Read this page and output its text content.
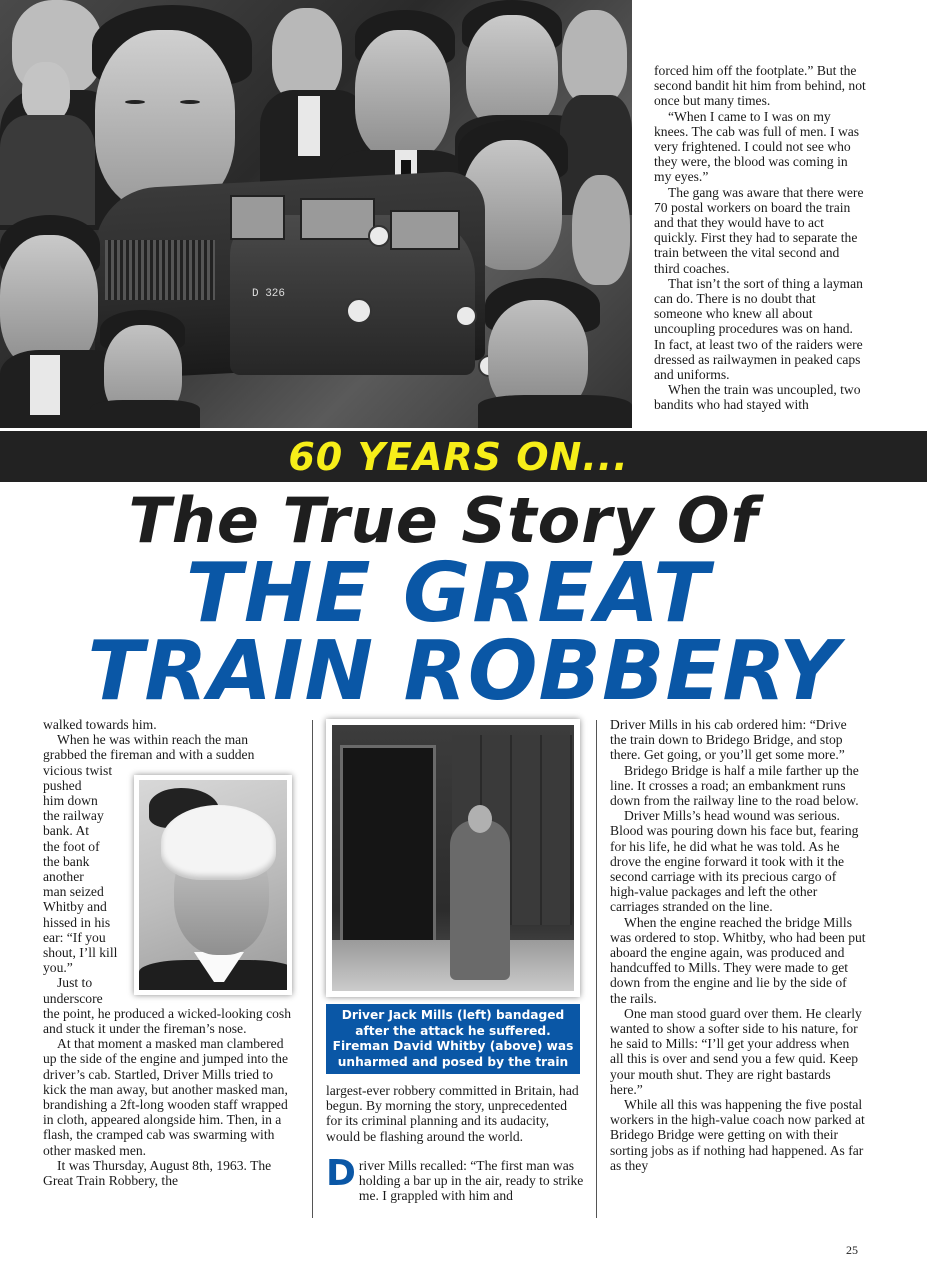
D 326

forced him off the footplate.” But the second bandit hit him from behind, not once but many times.

“When I came to I was on my knees. The cab was full of men. I was very frightened. I could not see who they were, the blood was coming in my eyes.”

The gang was aware that there were 70 postal workers on board the train and that they would have to act quickly. First they had to separate the train between the vital second and third coaches.

That isn’t the sort of thing a layman can do. There is no doubt that someone who knew all about uncoupling procedures was on hand. In fact, at least two of the raiders were dressed as railwaymen in peaked caps and uniforms.

When the train was uncoupled, two bandits who had stayed with

60 YEARS ON...
The True Story Of
THE GREAT
TRAIN ROBBERY

walked towards him.

When he was within reach the man grabbed the fireman and with a sudden vicious twist

pushed
him down
the railway
bank. At
the foot of
the bank
another
man seized
Whitby and
hissed in his
ear: “If you
shout, I’ll kill
you.”
Just to
underscore

the point, he produced a wicked-looking cosh and stuck it under the fireman’s nose.

At that moment a masked man clambered up the side of the engine and jumped into the driver’s cab. Startled, Driver Mills tried to kick the man away, but another masked man, brandishing a 2ft-long wooden staff wrapped in cloth, appeared alongside him. Then, in a flash, the cramped cab was swarming with other masked men.

It was Thursday, August 8th, 1963. The Great Train Robbery, the

Driver Jack Mills (left) bandaged after the attack he suffered. Fireman David Whitby (above) was unharmed and posed by the train

largest-ever robbery committed in Britain, had begun. By morning the story, unprecedented for its criminal planning and its audacity, would be flashing around the world.

Driver Mills recalled: “The first man was holding a bar up in the air, ready to strike me. I grappled with him and

Driver Mills in his cab ordered him: “Drive the train down to Bridego Bridge, and stop there. Get going, or you’ll get some more.”

Bridego Bridge is half a mile farther up the line. It crosses a road; an embankment runs down from the railway line to the road below.

Driver Mills’s head wound was serious. Blood was pouring down his face but, fearing for his life, he did what he was told. As he drove the engine forward it took with it the second carriage with its precious cargo of high-value packages and left the other carriages stranded on the line.

When the engine reached the bridge Mills was ordered to stop. Whitby, who had been put aboard the engine again, was produced and handcuffed to Mills. They were made to get down from the engine and lie by the side of the rails.

One man stood guard over them. He clearly wanted to show a softer side to his nature, for he said to Mills: “I’ll get your address when all this is over and send you a few quid. Keep your mouth shut. They are right bastards here.”

While all this was happening the five postal workers in the high-value coach now parked at Bridego Bridge were getting on with their sorting jobs as if nothing had happened. As far as they

25
